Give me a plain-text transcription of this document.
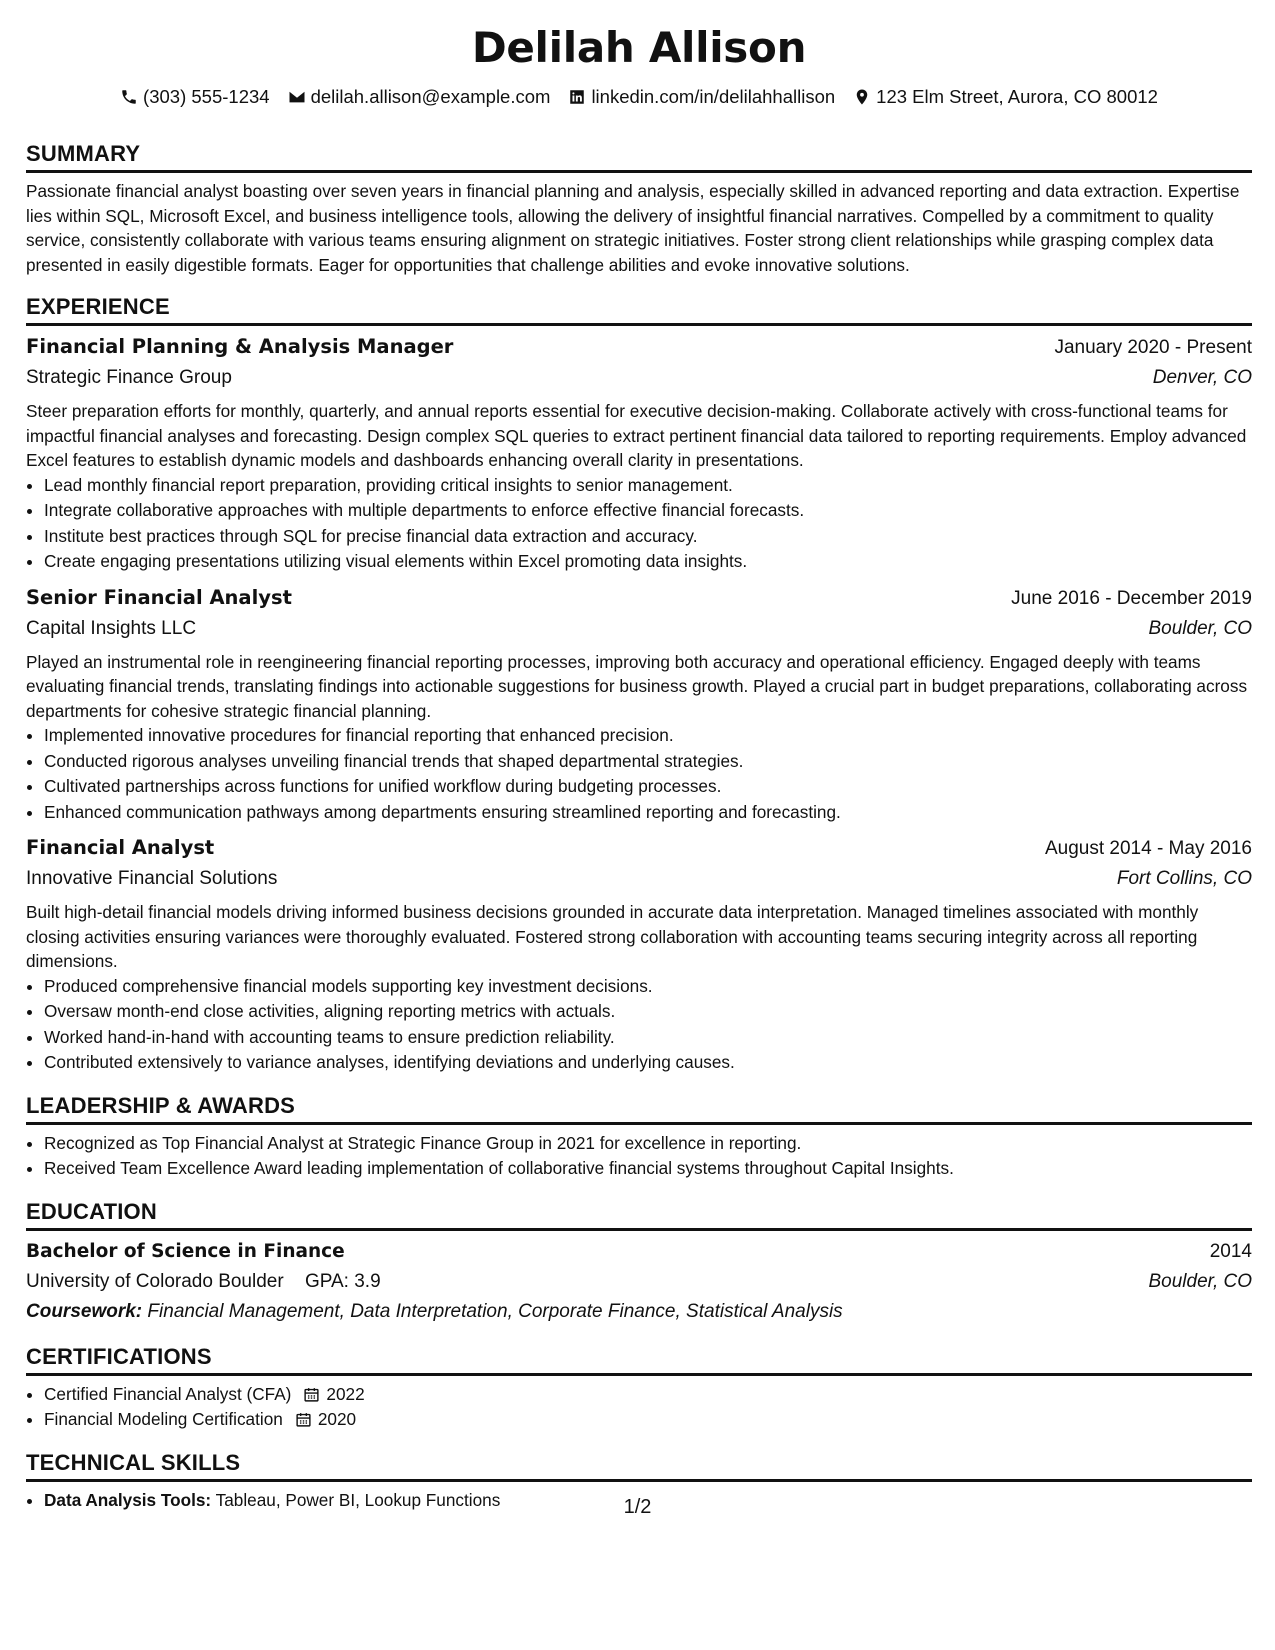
Delilah Allison
(303) 555-1234 delilah.allison@example.com linkedin.com/in/delilahhallison 123 Elm Street, Aurora, CO 80012
SUMMARY

Passionate financial analyst boasting over seven years in financial planning and analysis, especially skilled in advanced reporting and data extraction. Expertise lies within SQL, Microsoft Excel, and business intelligence tools, allowing the delivery of insightful financial narratives. Compelled by a commitment to quality service, consistently collaborate with various teams ensuring alignment on strategic initiatives. Foster strong client relationships while grasping complex data presented in easily digestible formats. Eager for opportunities that challenge abilities and evoke innovative solutions.

EXPERIENCE
Financial Planning & Analysis Manager	January 2020 - Present
Strategic Finance Group	Denver, CO

Steer preparation efforts for monthly, quarterly, and annual reports essential for executive decision-making. Collaborate actively with cross-functional teams for impactful financial analyses and forecasting. Design complex SQL queries to extract pertinent financial data tailored to reporting requirements. Employ advanced Excel features to establish dynamic models and dashboards enhancing overall clarity in presentations.

• Lead monthly financial report preparation, providing critical insights to senior management.
• Integrate collaborative approaches with multiple departments to enforce effective financial forecasts.
• Institute best practices through SQL for precise financial data extraction and accuracy.
• Create engaging presentations utilizing visual elements within Excel promoting data insights.
Senior Financial Analyst	June 2016 - December 2019
Capital Insights LLC	Boulder, CO

Played an instrumental role in reengineering financial reporting processes, improving both accuracy and operational efficiency. Engaged deeply with teams evaluating financial trends, translating findings into actionable suggestions for business growth. Played a crucial part in budget preparations, collaborating across departments for cohesive strategic financial planning.

• Implemented innovative procedures for financial reporting that enhanced precision.
• Conducted rigorous analyses unveiling financial trends that shaped departmental strategies.
• Cultivated partnerships across functions for unified workflow during budgeting processes.
• Enhanced communication pathways among departments ensuring streamlined reporting and forecasting.
Financial Analyst	August 2014 - May 2016
Innovative Financial Solutions	Fort Collins, CO

Built high-detail financial models driving informed business decisions grounded in accurate data interpretation. Managed timelines associated with monthly closing activities ensuring variances were thoroughly evaluated. Fostered strong collaboration with accounting teams securing integrity across all reporting dimensions.

• Produced comprehensive financial models supporting key investment decisions.
• Oversaw month-end close activities, aligning reporting metrics with actuals.
• Worked hand-in-hand with accounting teams to ensure prediction reliability.
• Contributed extensively to variance analyses, identifying deviations and underlying causes.
LEADERSHIP & AWARDS
• Recognized as Top Financial Analyst at Strategic Finance Group in 2021 for excellence in reporting.
• Received Team Excellence Award leading implementation of collaborative financial systems throughout Capital Insights.
EDUCATION
Bachelor of Science in Finance	2014
University of Colorado Boulder GPA: 3.9	Boulder, CO
Coursework: Financial Management, Data Interpretation, Corporate Finance, Statistical Analysis
CERTIFICATIONS
• Certified Financial Analyst (CFA) 2022
• Financial Modeling Certification 2020
TECHNICAL SKILLS
• Data Analysis Tools: Tableau, Power BI, Lookup Functions	1/2
